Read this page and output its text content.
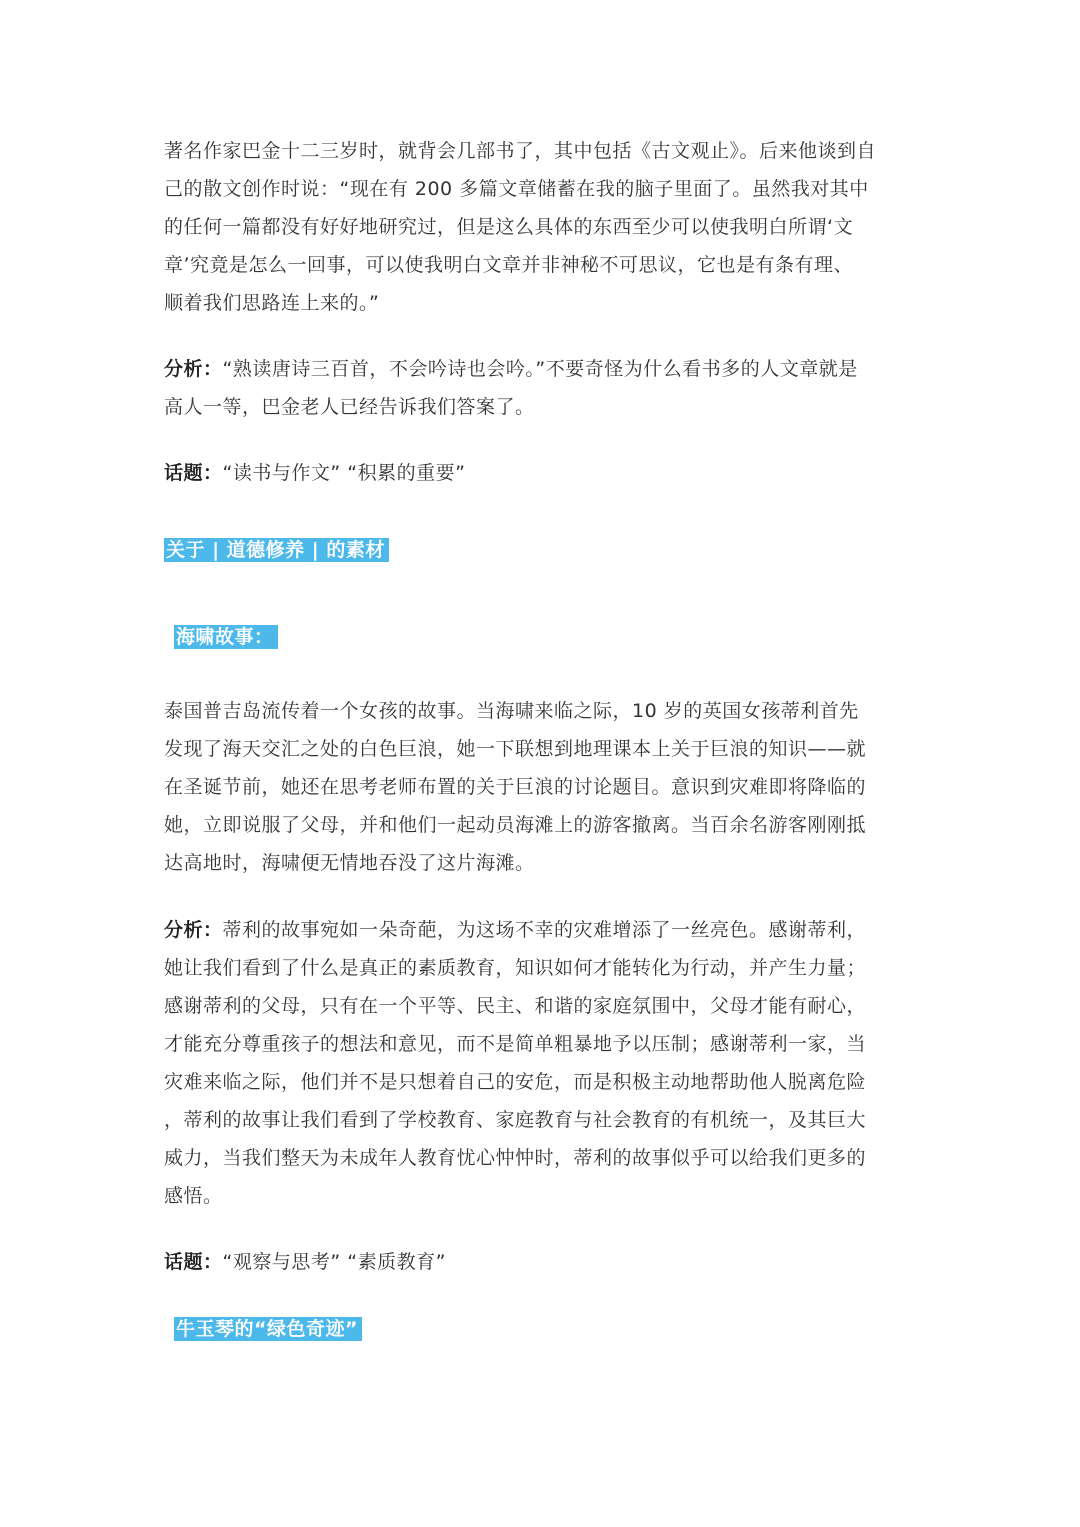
著名作家巴金十二三岁时，就背会几部书了，其中包括《古文观止》。后来他谈到自
己的散文创作时说：“现在有 200 多篇文章储蓄在我的脑子里面了。虽然我对其中
的任何一篇都没有好好地研究过，但是这么具体的东西至少可以使我明白所谓‘文
章’究竟是怎么一回事，可以使我明白文章并非神秘不可思议，它也是有条有理、
顺着我们思路连上来的。”
分析：“熟读唐诗三百首，不会吟诗也会吟。”不要奇怪为什么看书多的人文章就是
高人一等，巴金老人已经告诉我们答案了。
话题：“读书与作文” “积累的重要”
关于 | 道德修养 | 的素材
海啸故事：
泰国普吉岛流传着一个女孩的故事。当海啸来临之际，10 岁的英国女孩蒂利首先
发现了海天交汇之处的白色巨浪，她一下联想到地理课本上关于巨浪的知识——就
在圣诞节前，她还在思考老师布置的关于巨浪的讨论题目。意识到灾难即将降临的
她，立即说服了父母，并和他们一起动员海滩上的游客撤离。当百余名游客刚刚抵
达高地时，海啸便无情地吞没了这片海滩。
分析：蒂利的故事宛如一朵奇葩，为这场不幸的灾难增添了一丝亮色。感谢蒂利，
她让我们看到了什么是真正的素质教育，知识如何才能转化为行动，并产生力量；
感谢蒂利的父母，只有在一个平等、民主、和谐的家庭氛围中，父母才能有耐心，
才能充分尊重孩子的想法和意见，而不是简单粗暴地予以压制；感谢蒂利一家，当
灾难来临之际，他们并不是只想着自己的安危，而是积极主动地帮助他人脱离危险
，蒂利的故事让我们看到了学校教育、家庭教育与社会教育的有机统一，及其巨大
威力，当我们整天为未成年人教育忧心忡忡时，蒂利的故事似乎可以给我们更多的
感悟。
话题：“观察与思考” “素质教育”
牛玉琴的“绿色奇迹”
